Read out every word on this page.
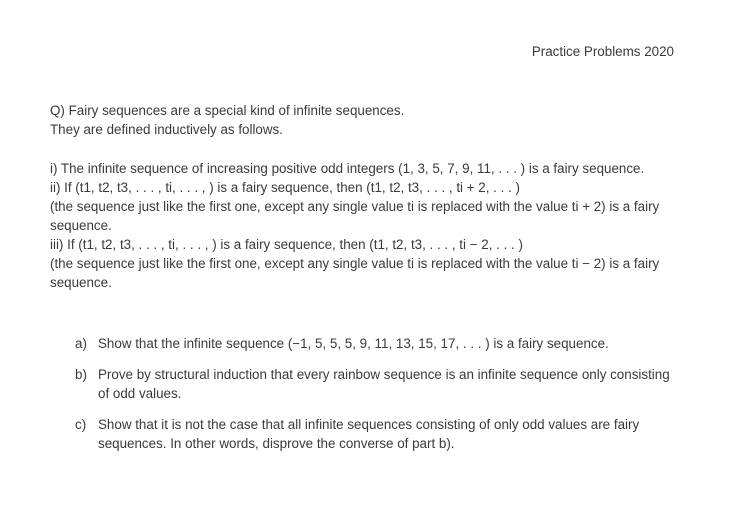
Practice Problems 2020

Q) Fairy sequences are a special kind of infinite sequences.

They are defined inductively as follows.

i) The infinite sequence of increasing positive odd integers (1, 3, 5, 7, 9, 11, . . . ) is a fairy sequence.

ii) If (t1, t2, t3, . . . , ti, . . . , ) is a fairy sequence, then (t1, t2, t3, . . . , ti + 2, . . . )

(the sequence just like the first one, except any single value ti is replaced with the value ti + 2) is a fairy sequence.

iii) If (t1, t2, t3, . . . , ti, . . . , ) is a fairy sequence, then (t1, t2, t3, . . . , ti − 2, . . . )

(the sequence just like the first one, except any single value ti is replaced with the value ti − 2) is a fairy sequence.

a) Show that the infinite sequence (−1, 5, 5, 5, 9, 11, 13, 15, 17, . . . ) is a fairy sequence.
b) Prove by structural induction that every rainbow sequence is an infinite sequence only consisting of odd values.
c) Show that it is not the case that all infinite sequences consisting of only odd values are fairy sequences. In other words, disprove the converse of part b).
